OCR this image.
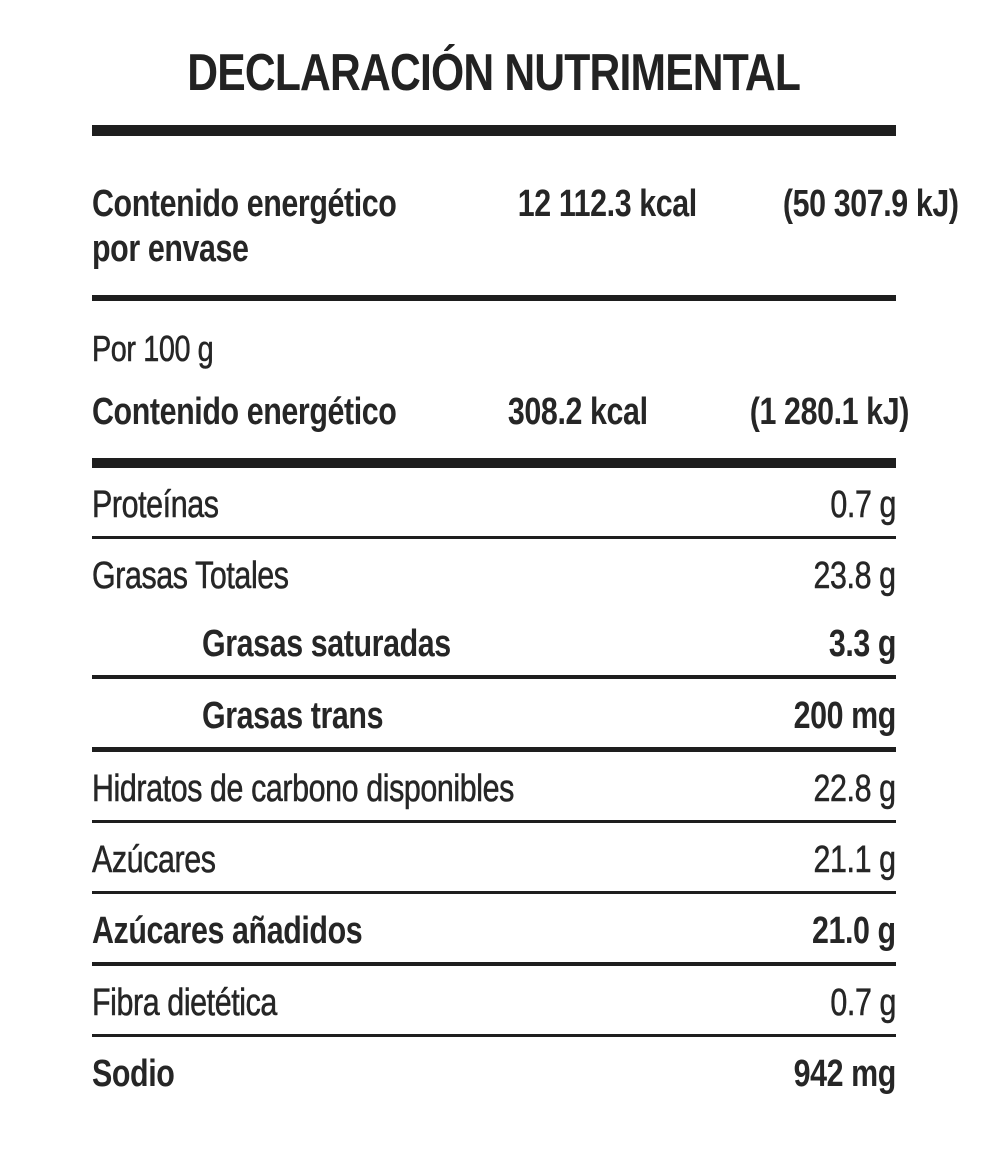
DECLARACIÓN NUTRIMENTAL
Contenido energético
por envase
12 112.3 kcal (50 307.9 kJ)
Por 100 g
Contenido energético	308.2 kcal	(1 280.1 kJ)
Proteínas	0.7 g
Grasas Totales	23.8 g
Grasas saturadas	3.3 g
Grasas trans	200 mg
Hidratos de carbono disponibles	22.8 g
Azúcares	21.1 g
Azúcares añadidos	21.0 g
Fibra dietética	0.7 g
Sodio	942 mg
